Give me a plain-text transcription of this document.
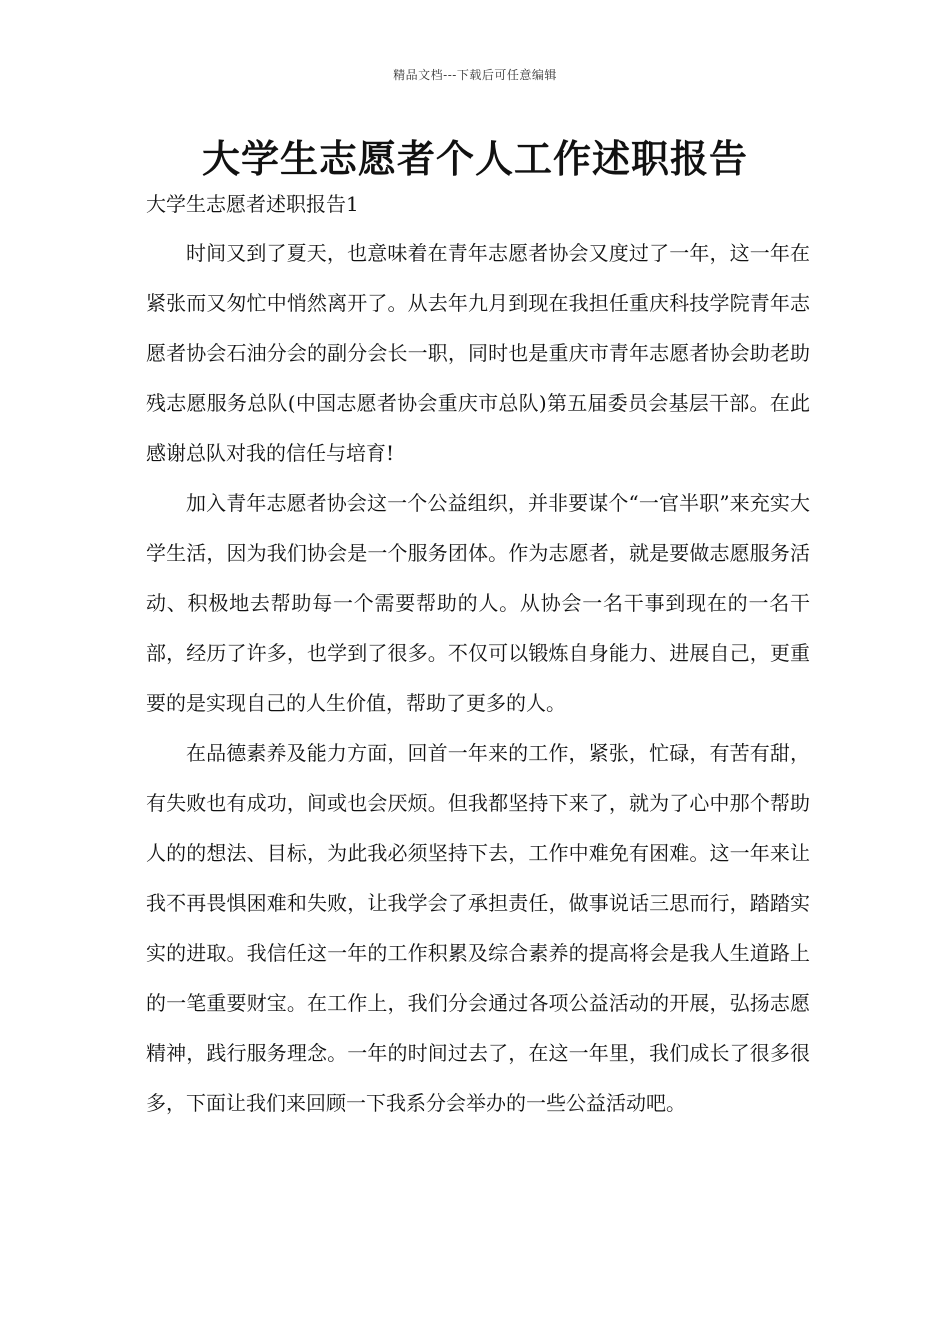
精品文档---下载后可任意编辑
大学生志愿者个人工作述职报告
大学生志愿者述职报告1

时间又到了夏天，也意味着在青年志愿者协会又度过了一年，这一年在紧张而又匆忙中悄然离开了。从去年九月到现在我担任重庆科技学院青年志愿者协会石油分会的副分会长一职，同时也是重庆市青年志愿者协会助老助残志愿服务总队(中国志愿者协会重庆市总队)第五届委员会基层干部。在此感谢总队对我的信任与培育!

加入青年志愿者协会这一个公益组织，并非要谋个“一官半职”来充实大学生活，因为我们协会是一个服务团体。作为志愿者，就是要做志愿服务活动、积极地去帮助每一个需要帮助的人。从协会一名干事到现在的一名干部，经历了许多，也学到了很多。不仅可以锻炼自身能力、进展自己，更重要的是实现自己的人生价值，帮助了更多的人。

在品德素养及能力方面，回首一年来的工作，紧张，忙碌，有苦有甜，有失败也有成功，间或也会厌烦。但我都坚持下来了，就为了心中那个帮助人的的想法、目标，为此我必须坚持下去，工作中难免有困难。这一年来让我不再畏惧困难和失败，让我学会了承担责任，做事说话三思而行，踏踏实实的进取。我信任这一年的工作积累及综合素养的提高将会是我人生道路上的一笔重要财宝。在工作上，我们分会通过各项公益活动的开展，弘扬志愿精神，践行服务理念。一年的时间过去了，在这一年里，我们成长了很多很多，下面让我们来回顾一下我系分会举办的一些公益活动吧。
